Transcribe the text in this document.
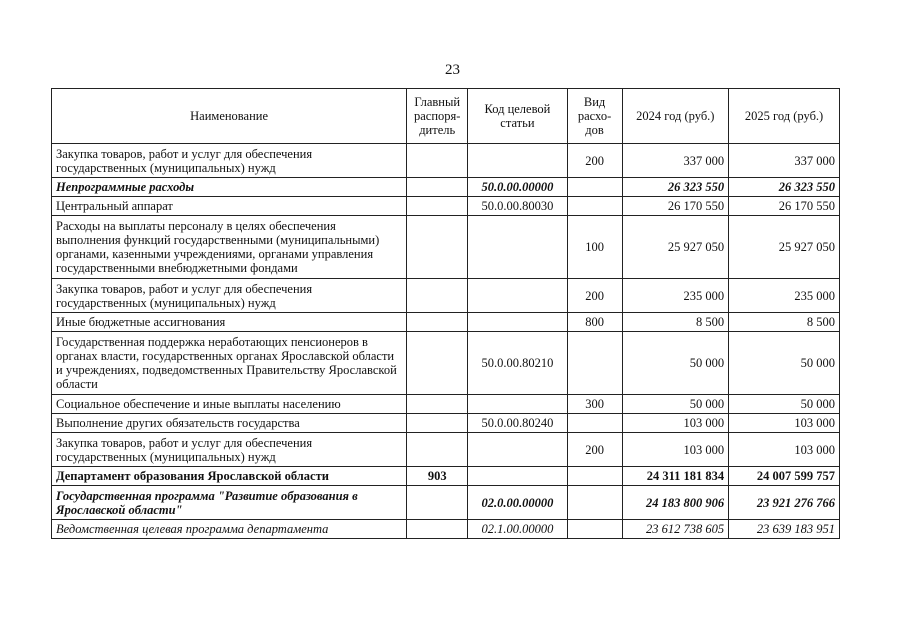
23
Наименование	Главный распоря-дитель	Код целевой статьи	Вид расхо-дов	2024 год (руб.)	2025 год (руб.)
Закупка товаров, работ и услуг для обеспечения государственных (муниципальных) нужд			200	337 000	337 000
Непрограммные расходы		50.0.00.00000		26 323 550	26 323 550
Центральный аппарат		50.0.00.80030		26 170 550	26 170 550
Расходы на выплаты персоналу в целях обеспечения выполнения функций государственными (муниципальными) органами, казенными учреждениями, органами управления государственными внебюджетными фондами			100	25 927 050	25 927 050
Закупка товаров, работ и услуг для обеспечения государственных (муниципальных) нужд			200	235 000	235 000
Иные бюджетные ассигнования			800	8 500	8 500
Государственная поддержка неработающих пенсионеров в органах власти, государственных органах Ярославской области и учреждениях, подведомственных Правительству Ярославской области		50.0.00.80210		50 000	50 000
Социальное обеспечение и иные выплаты населению			300	50 000	50 000
Выполнение других обязательств государства		50.0.00.80240		103 000	103 000
Закупка товаров, работ и услуг для обеспечения государственных (муниципальных) нужд			200	103 000	103 000
Департамент образования Ярославской области	903			24 311 181 834	24 007 599 757
Государственная программа "Развитие образования в Ярославской области"		02.0.00.00000		24 183 800 906	23 921 276 766
Ведомственная целевая программа департамента		02.1.00.00000		23 612 738 605	23 639 183 951
